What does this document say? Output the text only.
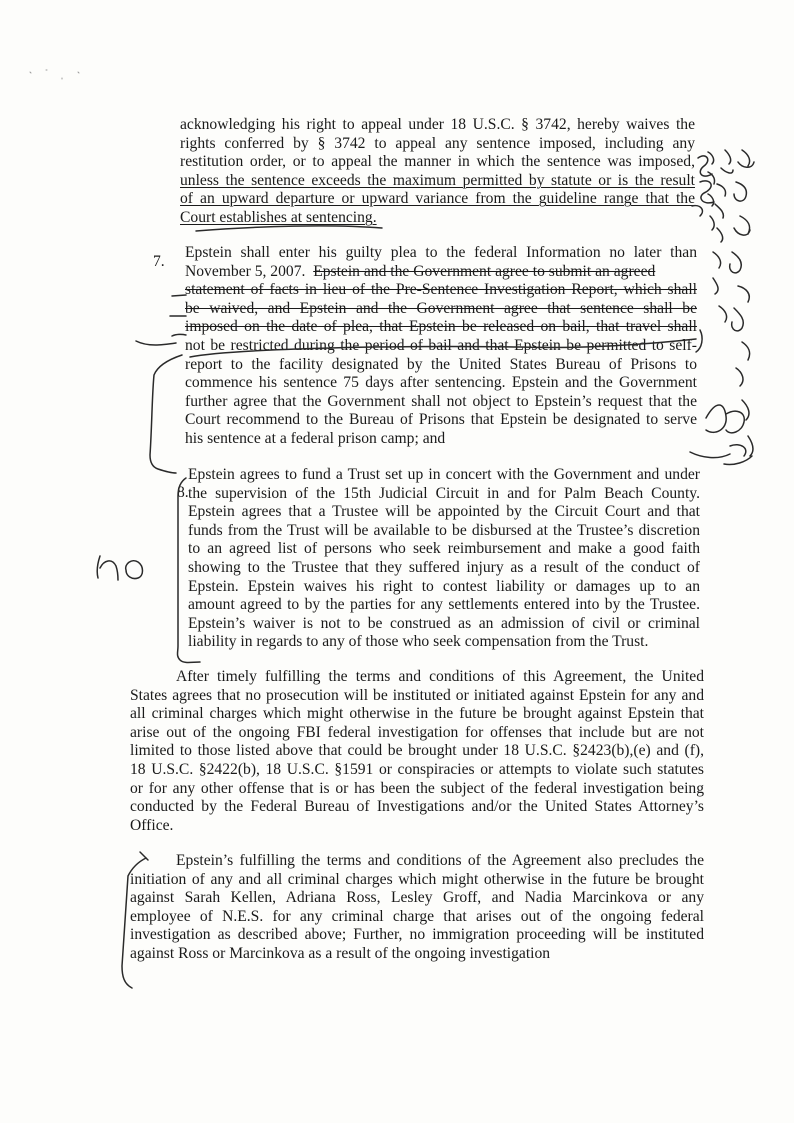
acknowledging his right to appeal under 18 U.S.C. § 3742, hereby waives the
rights conferred by § 3742 to appeal any sentence imposed, including any
restitution order, or to appeal the manner in which the sentence was imposed,
unless the sentence exceeds the maximum permitted by statute or is the result
of an upward departure or upward variance from the guideline range that the
Court establishes at sentencing.
7.
Epstein shall enter his guilty plea to the federal Information no later than
November 5, 2007. Epstein and the Government agree to submit an agreed
statement of facts in lieu of the Pre-Sentence Investigation Report, which shall
be waived, and Epstein and the Government agree that sentence shall be
imposed on the date of plea, that Epstein be released on bail, that travel shall
not be restricted during the period of bail and that Epstein be permitted to self-
report to the facility designated by the United States Bureau of Prisons to
commence his sentence 75 days after sentencing. Epstein and the Government
further agree that the Government shall not object to Epstein’s request that the
Court recommend to the Bureau of Prisons that Epstein be designated to serve
his sentence at a federal prison camp; and
8.
Epstein agrees to fund a Trust set up in concert with the Government and under
the supervision of the 15th Judicial Circuit in and for Palm Beach County.
Epstein agrees that a Trustee will be appointed by the Circuit Court and that
funds from the Trust will be available to be disbursed at the Trustee’s discretion
to an agreed list of persons who seek reimbursement and make a good faith
showing to the Trustee that they suffered injury as a result of the conduct of
Epstein. Epstein waives his right to contest liability or damages up to an
amount agreed to by the parties for any settlements entered into by the Trustee.
Epstein’s waiver is not to be construed as an admission of civil or criminal
liability in regards to any of those who seek compensation from the Trust.
After timely fulfilling the terms and conditions of this Agreement, the United
States agrees that no prosecution will be instituted or initiated against Epstein for any and
all criminal charges which might otherwise in the future be brought against Epstein that
arise out of the ongoing FBI federal investigation for offenses that include but are not
limited to those listed above that could be brought under 18 U.S.C. §2423(b),(e) and (f),
18 U.S.C. §2422(b), 18 U.S.C. §1591 or conspiracies or attempts to violate such statutes
or for any other offense that is or has been the subject of the federal investigation being
conducted by the Federal Bureau of Investigations and/or the United States Attorney’s
Office.
Epstein’s fulfilling the terms and conditions of the Agreement also precludes the
initiation of any and all criminal charges which might otherwise in the future be brought
against Sarah Kellen, Adriana Ross, Lesley Groff, and Nadia Marcinkova or any
employee of N.E.S. for any criminal charge that arises out of the ongoing federal
investigation as described above; Further, no immigration proceeding will be instituted
against Ross or Marcinkova as a result of the ongoing investigation
